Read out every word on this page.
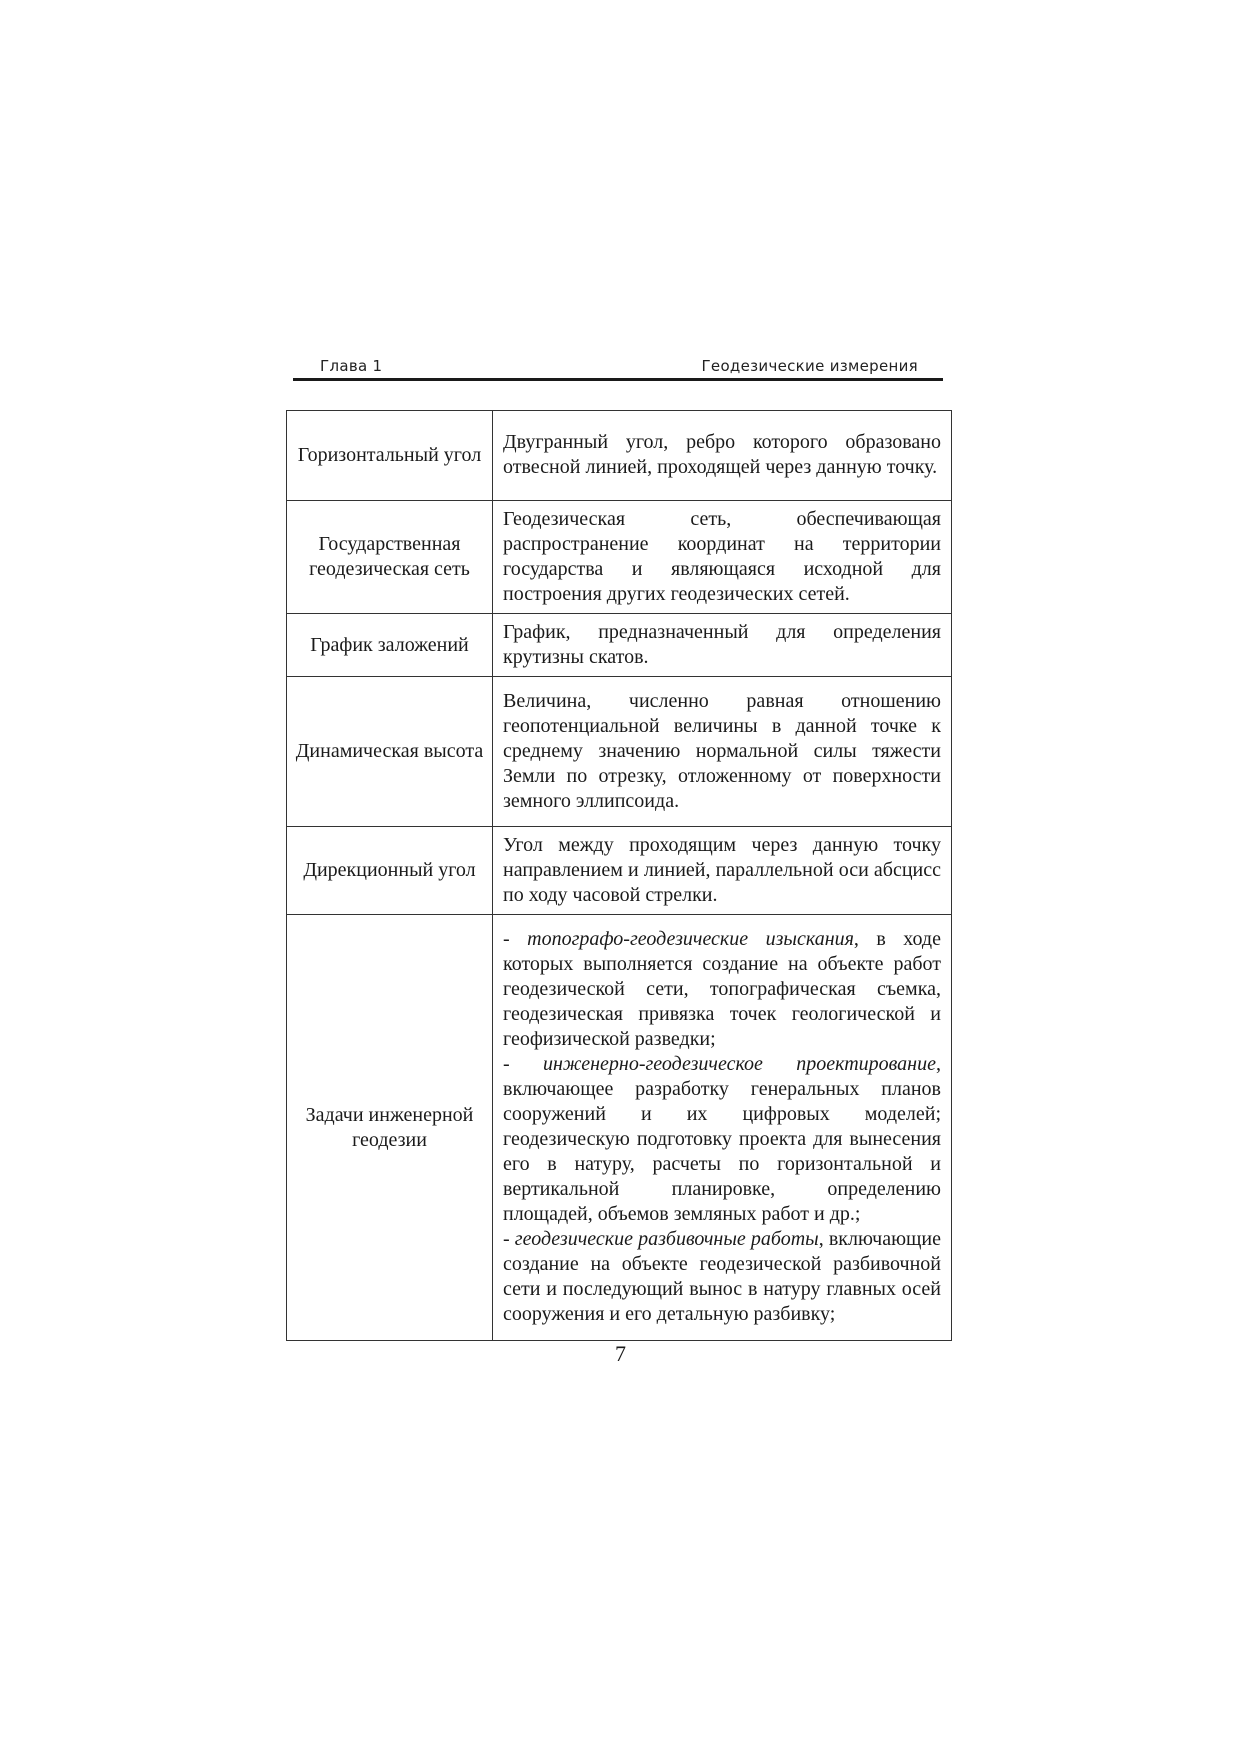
Глава 1	Геодезические измерения
Горизонтальный угол	Двугранный угол, ребро которого образовано отвесной линией, проходящей через данную точку.
Государственная геодезическая сеть	Геодезическая сеть, обеспечивающая распространение координат на территории государства и являющаяся исходной для построения других геодезических сетей.
График заложений	График, предназначенный для определения крутизны скатов.
Динамическая высота	Величина, численно равная отношению геопотенциальной величины в данной точке к среднему значению нормальной силы тяжести Земли по отрезку, отложенному от поверхности земного эллипсоида.
Дирекционный угол	Угол между проходящим через данную точку направлением и линией, параллельной оси абсцисс по ходу часовой стрелки.
Задачи инженерной геодезии	- топографо-геодезические изыскания, в ходе которых выполняется создание на объекте работ геодезической сети, топографическая съемка, геодезическая привязка точек геологической и геофизической разведки;
- инженерно-геодезическое проектирование, включающее разработку генеральных планов сооружений и их цифровых моделей; геодезическую подготовку проекта для вынесения его в натуру, расчеты по горизонтальной и вертикальной планировке, определению площадей, объемов земляных работ и др.;
- геодезические разбивочные работы, включающие создание на объекте геодезической разбивочной сети и последующий вынос в натуру главных осей сооружения и его детальную разбивку;
7
